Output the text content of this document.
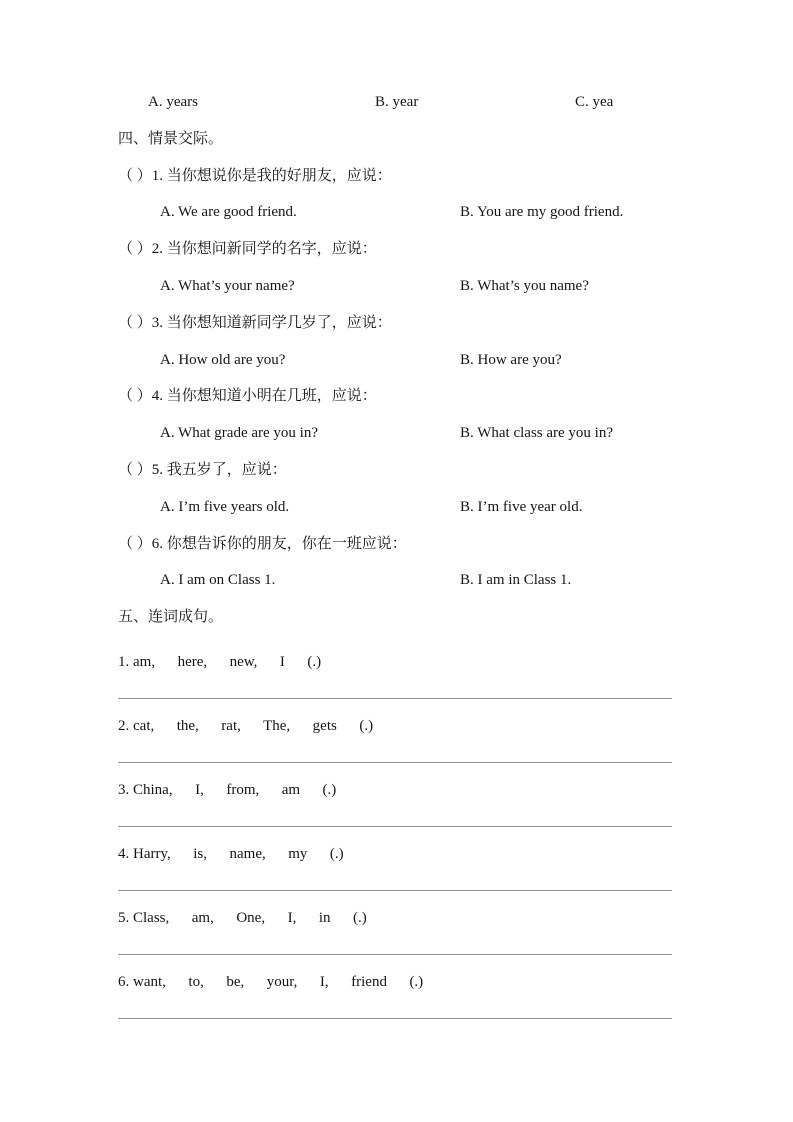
A. years	B. year	C. yea
四、情景交际。
（ ）1. 当你想说你是我的好朋友，应说：
A. We are good friend.	B. You are my good friend.
（ ）2. 当你想问新同学的名字，应说：
A. What’s your name?	B. What’s you name?
（ ）3. 当你想知道新同学几岁了，应说：
A. How old are you?	B. How are you?
（ ）4. 当你想知道小明在几班，应说：
A. What grade are you in?	B. What class are you in?
（ ）5. 我五岁了，应说：
A. I’m five years old.	B. I’m five year old.
（ ）6. 你想告诉你的朋友，你在一班应说：
A. I am on Class 1.	B. I am in Class 1.
五、连词成句。
1. am,      here,      new,      I      (.)
2. cat,      the,      rat,      The,      gets      (.)
3. China,      I,      from,      am      (.)
4. Harry,      is,      name,      my      (.)
5. Class,      am,      One,      I,      in      (.)
6. want,      to,      be,      your,      I,      friend      (.)
